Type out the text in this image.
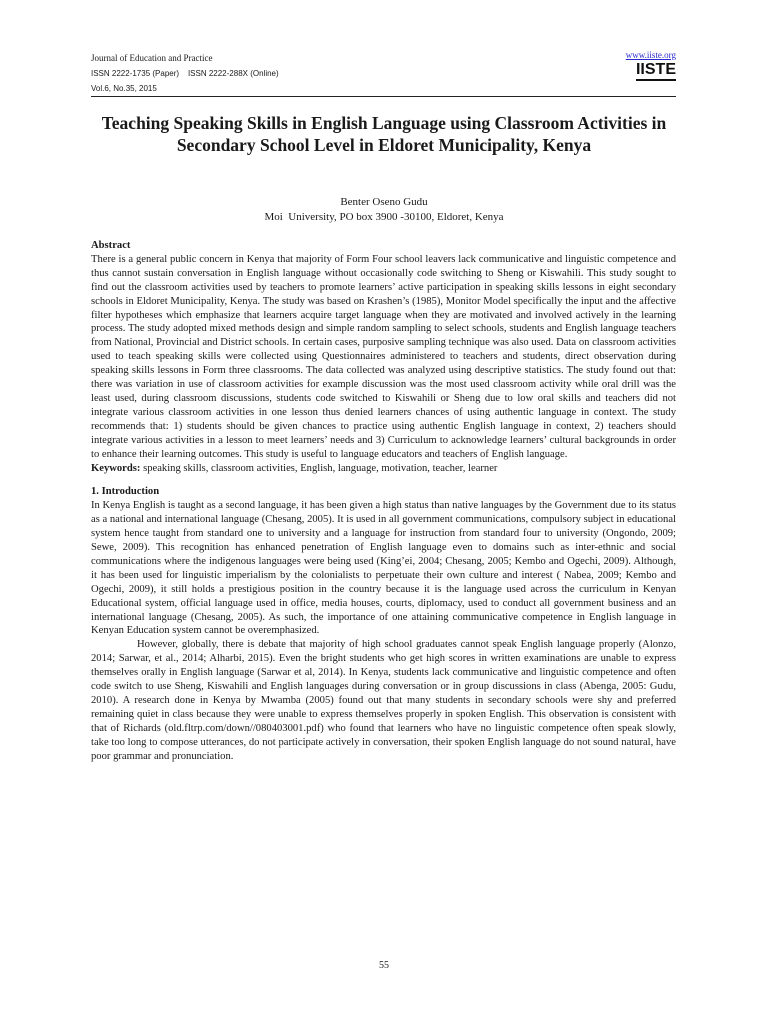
Journal of Education and Practice
ISSN 2222-1735 (Paper)    ISSN 2222-288X (Online)
Vol.6, No.35, 2015
www.iiste.org
IISTE
Teaching Speaking Skills in English Language using Classroom Activities in Secondary School Level in Eldoret Municipality, Kenya
Benter Oseno Gudu
Moi  University, PO box 3900 -30100, Eldoret, Kenya

Abstract

There is a general public concern in Kenya that majority of Form Four school leavers lack communicative and linguistic competence and thus cannot sustain conversation in English language without occasionally code switching to Sheng or Kiswahili. This study sought to find out the classroom activities used by teachers to promote learners’ active participation in speaking skills lessons in eight secondary schools in Eldoret Municipality, Kenya. The study was based on Krashen’s (1985), Monitor Model specifically the input and the affective filter hypotheses which emphasize that learners acquire target language when they are motivated and involved actively in the learning process. The study adopted mixed methods design and simple random sampling to select schools, students and English language teachers from National, Provincial and District schools. In certain cases, purposive sampling technique was also used. Data on classroom activities used to teach speaking skills were collected using Questionnaires administered to teachers and students, direct observation during speaking skills lessons in Form three classrooms. The data collected was analyzed using descriptive statistics. The study found out that: there was variation in use of classroom activities for example discussion was the most used classroom activity while oral drill was the least used, during classroom discussions, students code switched to Kiswahili or Sheng due to low oral skills and teachers did not integrate various classroom activities in one lesson thus denied learners chances of using authentic language in context. The study recommends that: 1) students should be given chances to practice using authentic English language in context, 2) teachers should integrate various activities in a lesson to meet learners’ needs and 3) Curriculum to acknowledge learners’ cultural backgrounds in order to enhance their learning outcomes. This study is useful to language educators and teachers of English language.

Keywords: speaking skills, classroom activities, English, language, motivation, teacher, learner

1. Introduction

In Kenya English is taught as a second language, it has been given a high status than native languages by the Government due to its status as a national and international language (Chesang, 2005). It is used in all government communications, compulsory subject in educational system hence taught from standard one to university and a language for instruction from standard four to university (Ongondo, 2009; Sewe, 2009). This recognition has enhanced penetration of English language even to domains such as inter-ethnic and social communications where the indigenous languages were being used (King’ei, 2004; Chesang, 2005; Kembo and Ogechi, 2009). Although, it has been used for linguistic imperialism by the colonialists to perpetuate their own culture and interest ( Nabea, 2009; Kembo and Ogechi, 2009), it still holds a prestigious position in the country because it is the language used across the curriculum in Kenyan Educational system, official language used in office, media houses, courts, diplomacy, used to conduct all government business and an international language (Chesang, 2005). As such, the importance of one attaining communicative competence in English language in Kenyan Education system cannot be overemphasized.

However, globally, there is debate that majority of high school graduates cannot speak English language properly (Alonzo, 2014; Sarwar, et al., 2014; Alharbi, 2015). Even the bright students who get high scores in written examinations are unable to express themselves orally in English language (Sarwar et al, 2014). In Kenya, students lack communicative and linguistic competence and often code switch to use Sheng, Kiswahili and English languages during conversation or in group discussions in class (Abenga, 2005: Gudu, 2010). A research done in Kenya by Mwamba (2005) found out that many students in secondary schools were shy and preferred remaining quiet in class because they were unable to express themselves properly in spoken English. This observation is consistent with that of Richards (old.fltrp.com/down//080403001.pdf) who found that learners who have no linguistic competence often speak slowly, take too long to compose utterances, do not participate actively in conversation, their spoken English language do not sound natural, have poor grammar and pronunciation.

55
